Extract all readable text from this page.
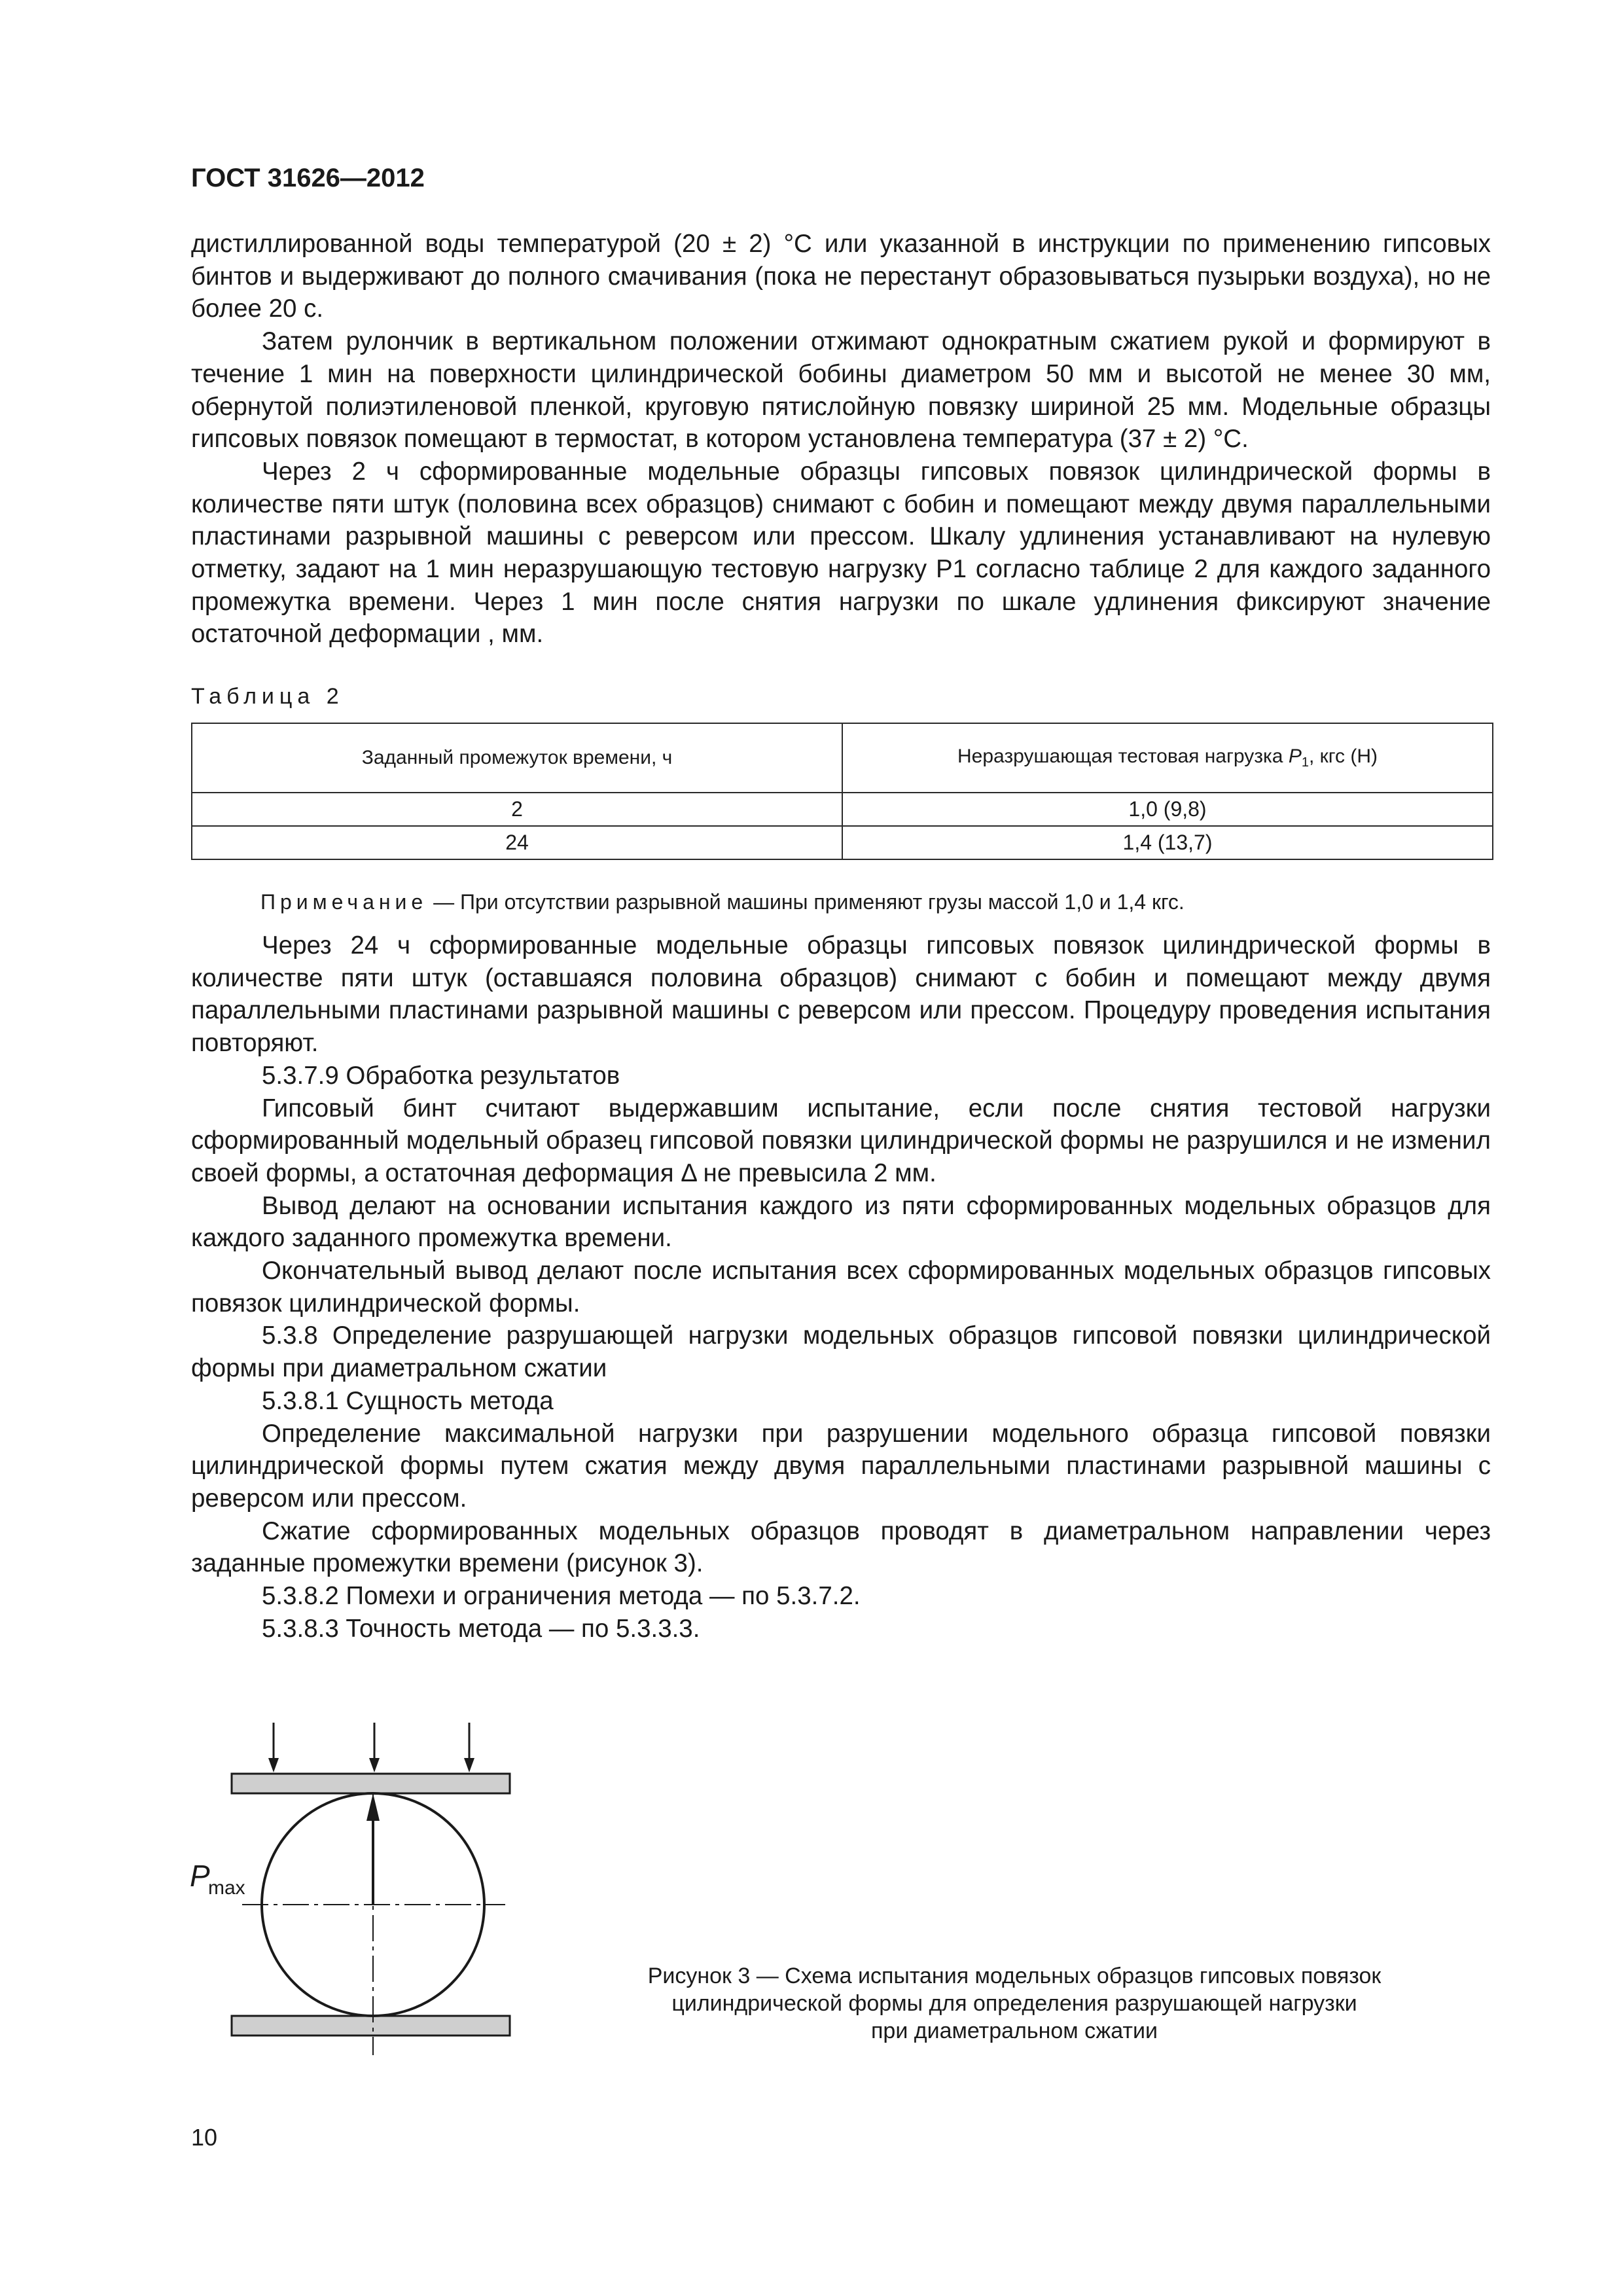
ГОСТ 31626—2012

дистиллированной воды температурой (20 ± 2) °С или указанной в инструкции по применению гипсовых бинтов и выдерживают до полного смачивания (пока не перестанут образовываться пузырьки воздуха), но не более 20 с.

Затем рулончик в вертикальном положении отжимают однократным сжатием рукой и формируют в течение 1 мин на поверхности цилиндрической бобины диаметром 50 мм и высотой не менее 30 мм, обернутой полиэтиленовой пленкой, круговую пятислойную повязку шириной 25 мм. Модельные образцы гипсовых повязок помещают в термостат, в котором установлена температура (37 ± 2) °С.

Через 2 ч сформированные модельные образцы гипсовых повязок цилиндрической формы в количестве пяти штук (половина всех образцов) снимают с бобин и помещают между двумя параллельными пластинами разрывной машины с реверсом или прессом. Шкалу удлинения устанавливают на нулевую отметку, задают на 1 мин неразрушающую тестовую нагрузку P1 согласно таблице 2 для каждого заданного промежутка времени. Через 1 мин после снятия нагрузки по шкале удлинения фиксируют значение остаточной деформации , мм.

Таблица 2
Заданный промежуток времени, ч	Неразрушающая тестовая нагрузка $P_1$, кгс (Н)
2	1,0 (9,8)
24	1,4 (13,7)
Примечание — При отсутствии разрывной машины применяют грузы массой 1,0 и 1,4 кгс.

Через 24 ч сформированные модельные образцы гипсовых повязок цилиндрической формы в количестве пяти штук (оставшаяся половина образцов) снимают с бобин и помещают между двумя параллельными пластинами разрывной машины с реверсом или прессом. Процедуру проведения испытания повторяют.

5.3.7.9 Обработка результатов

Гипсовый бинт считают выдержавшим испытание, если после снятия тестовой нагрузки сформированный модельный образец гипсовой повязки цилиндрической формы не разрушился и не изменил своей формы, а остаточная деформация Δ не превысила 2 мм.

Вывод делают на основании испытания каждого из пяти сформированных модельных образцов для каждого заданного промежутка времени.

Окончательный вывод делают после испытания всех сформированных модельных образцов гипсовых повязок цилиндрической формы.

5.3.8 Определение разрушающей нагрузки модельных образцов гипсовой повязки цилиндрической формы при диаметральном сжатии

5.3.8.1 Сущность метода

Определение максимальной нагрузки при разрушении модельного образца гипсовой повязки цилиндрической формы путем сжатия между двумя параллельными пластинами разрывной машины с реверсом или прессом.

Сжатие сформированных модельных образцов проводят в диаметральном направлении через заданные промежутки времени (рисунок 3).

5.3.8.2 Помехи и ограничения метода — по 5.3.7.2.

5.3.8.3 Точность метода — по 5.3.3.3.

P
max
Рисунок 3 — Схема испытания модельных образцов гипсовых повязок
цилиндрической формы для определения разрушающей нагрузки
при диаметральном сжатии
10
